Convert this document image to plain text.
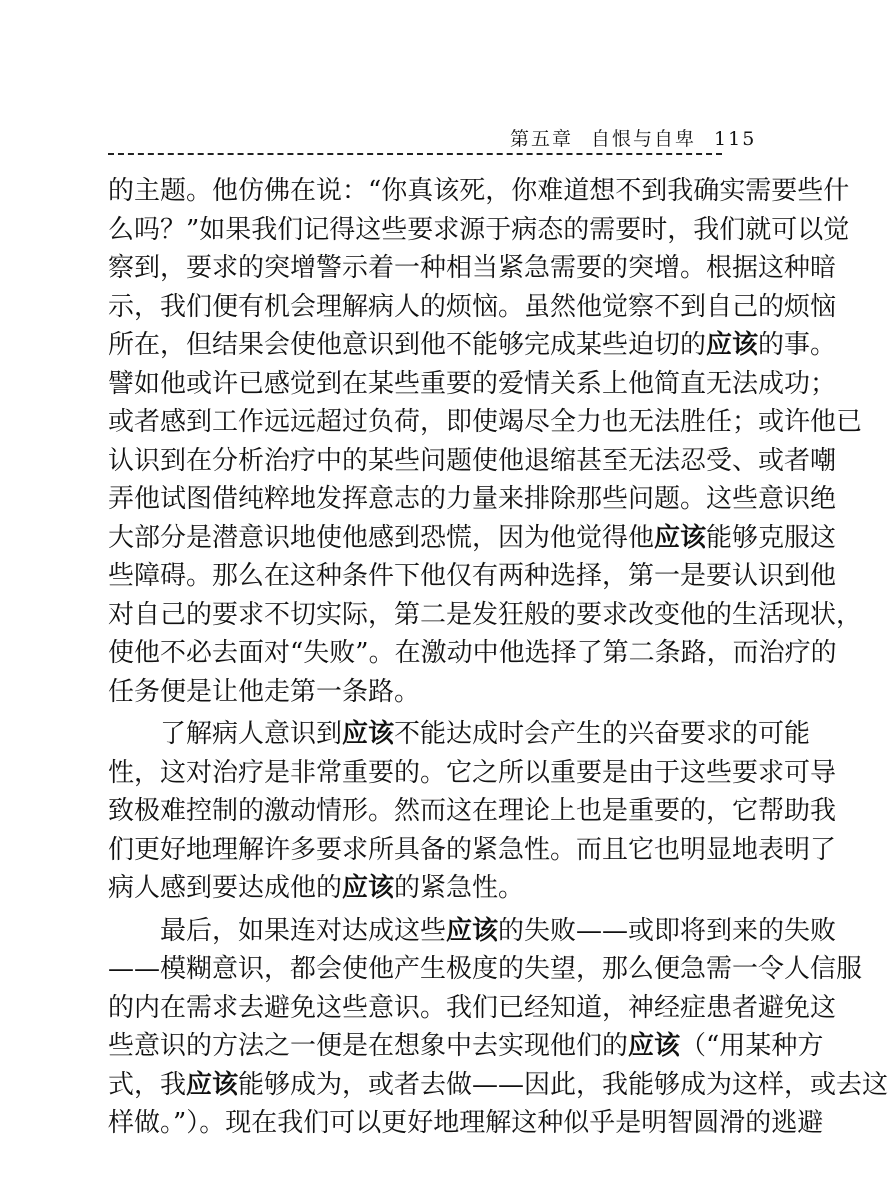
第五章 自恨与自卑 115
的主题。他仿佛在说：“你真该死，你难道想不到我确实需要些什
么吗？”如果我们记得这些要求源于病态的需要时，我们就可以觉
察到，要求的突增警示着一种相当紧急需要的突增。根据这种暗
示，我们便有机会理解病人的烦恼。虽然他觉察不到自己的烦恼
所在，但结果会使他意识到他不能够完成某些迫切的应该的事。
譬如他或许已感觉到在某些重要的爱情关系上他简直无法成功；
或者感到工作远远超过负荷，即使竭尽全力也无法胜任；或许他已
认识到在分析治疗中的某些问题使他退缩甚至无法忍受、或者嘲
弄他试图借纯粹地发挥意志的力量来排除那些问题。这些意识绝
大部分是潜意识地使他感到恐慌，因为他觉得他应该能够克服这
些障碍。那么在这种条件下他仅有两种选择，第一是要认识到他
对自己的要求不切实际，第二是发狂般的要求改变他的生活现状，
使他不必去面对“失败”。在激动中他选择了第二条路，而治疗的
任务便是让他走第一条路。
了解病人意识到应该不能达成时会产生的兴奋要求的可能
性，这对治疗是非常重要的。它之所以重要是由于这些要求可导
致极难控制的激动情形。然而这在理论上也是重要的，它帮助我
们更好地理解许多要求所具备的紧急性。而且它也明显地表明了
病人感到要达成他的应该的紧急性。
最后，如果连对达成这些应该的失败——或即将到来的失败
——模糊意识，都会使他产生极度的失望，那么便急需一令人信服
的内在需求去避免这些意识。我们已经知道，神经症患者避免这
些意识的方法之一便是在想象中去实现他们的应该（“用某种方
式，我应该能够成为，或者去做——因此，我能够成为这样，或去这
样做。”）。现在我们可以更好地理解这种似乎是明智圆滑的逃避
